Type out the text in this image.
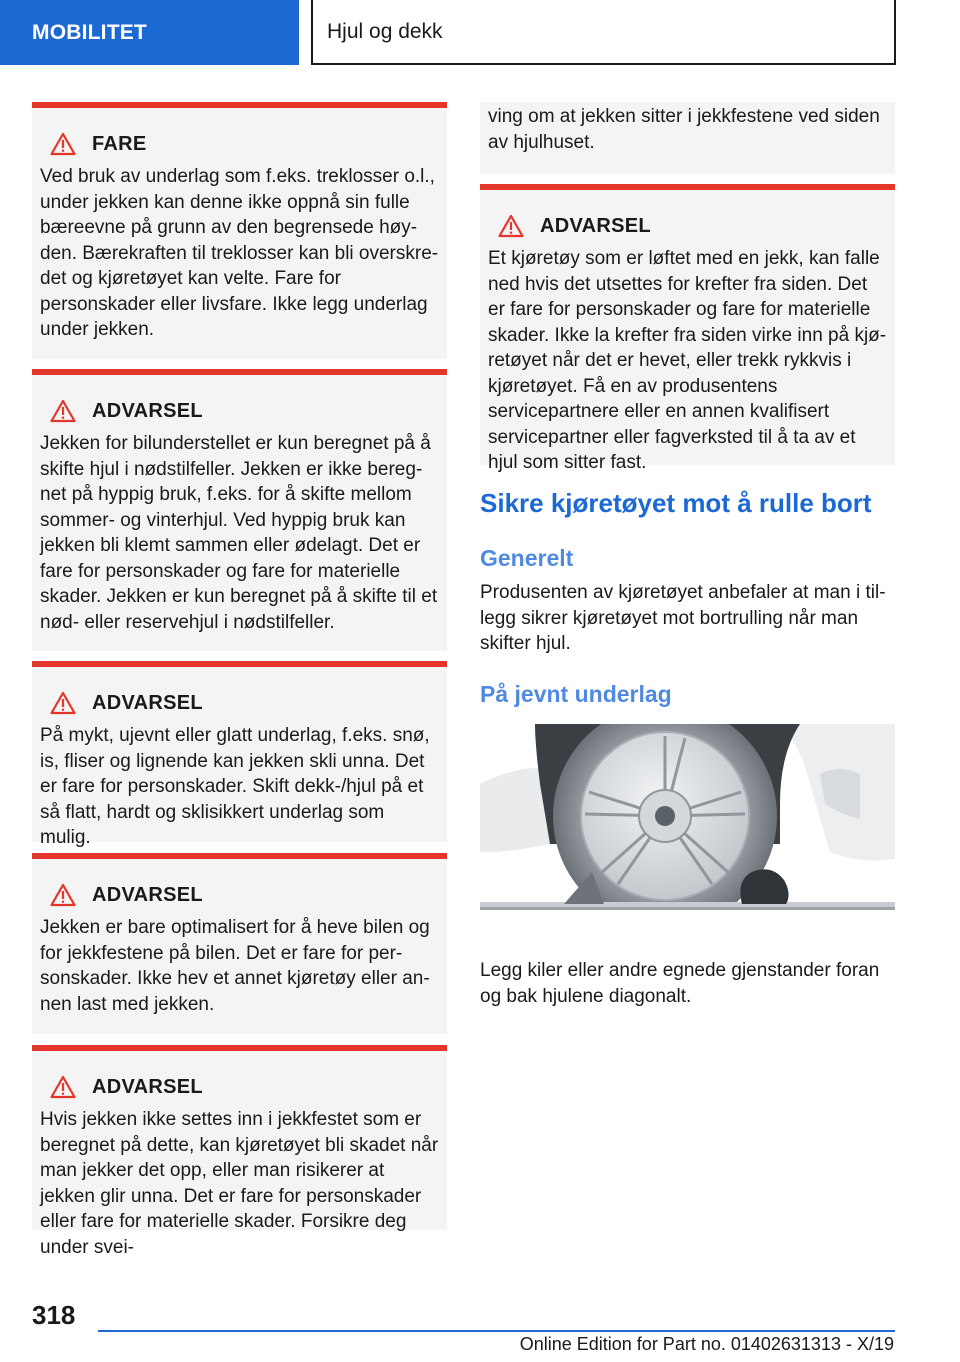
MOBILITET	Hjul og dekk
FARE

Ved bruk av underlag som f.eks. treklosser o.l., under jekken kan denne ikke oppnå sin fulle bæreevne på grunn av den begrensede høyden. Bærekraften til treklosser kan bli overskredet og kjøretøyet kan velte. Fare for personskader eller livsfare. Ikke legg underlag under jekken.

ADVARSEL

Jekken for bilunderstellet er kun beregnet på å skifte hjul i nødstilfeller. Jekken er ikke beregnet på hyppig bruk, f.eks. for å skifte mellom sommer- og vinterhjul. Ved hyppig bruk kan jekken bli klemt sammen eller ødelagt. Det er fare for personskader og fare for materielle skader. Jekken er kun beregnet på å skifte til et nød- eller reservehjul i nødstilfeller.

ADVARSEL

På mykt, ujevnt eller glatt underlag, f.eks. snø, is, fliser og lignende kan jekken skli unna. Det er fare for personskader. Skift dekk-/hjul på et så flatt, hardt og sklisikkert underlag som mulig.

ADVARSEL

Jekken er bare optimalisert for å heve bilen og for jekkfestene på bilen. Det er fare for personskader. Ikke hev et annet kjøretøy eller annen last med jekken.

ADVARSEL

Hvis jekken ikke settes inn i jekkfestet som er beregnet på dette, kan kjøretøyet bli skadet når man jekker det opp, eller man risikerer at jekken glir unna. Det er fare for personskader eller fare for materielle skader. Forsikre deg under svei-

ving om at jekken sitter i jekkfestene ved siden av hjulhuset.

ADVARSEL

Et kjøretøy som er løftet med en jekk, kan falle ned hvis det utsettes for krefter fra siden. Det er fare for personskader og fare for materielle skader. Ikke la krefter fra siden virke inn på kjøretøyet når det er hevet, eller trekk rykkvis i kjøretøyet. Få en av produsentens servicepartnere eller en annen kvalifisert servicepartner eller fagverksted til å ta av et hjul som sitter fast.

Sikre kjøretøyet mot å rulle bort
Generelt

Produsenten av kjøretøyet anbefaler at man i tillegg sikrer kjøretøyet mot bortrulling når man skifter hjul.

På jevnt underlag

Legg kiler eller andre egnede gjenstander foran og bak hjulene diagonalt.

318
Online Edition for Part no. 01402631313 - X/19
